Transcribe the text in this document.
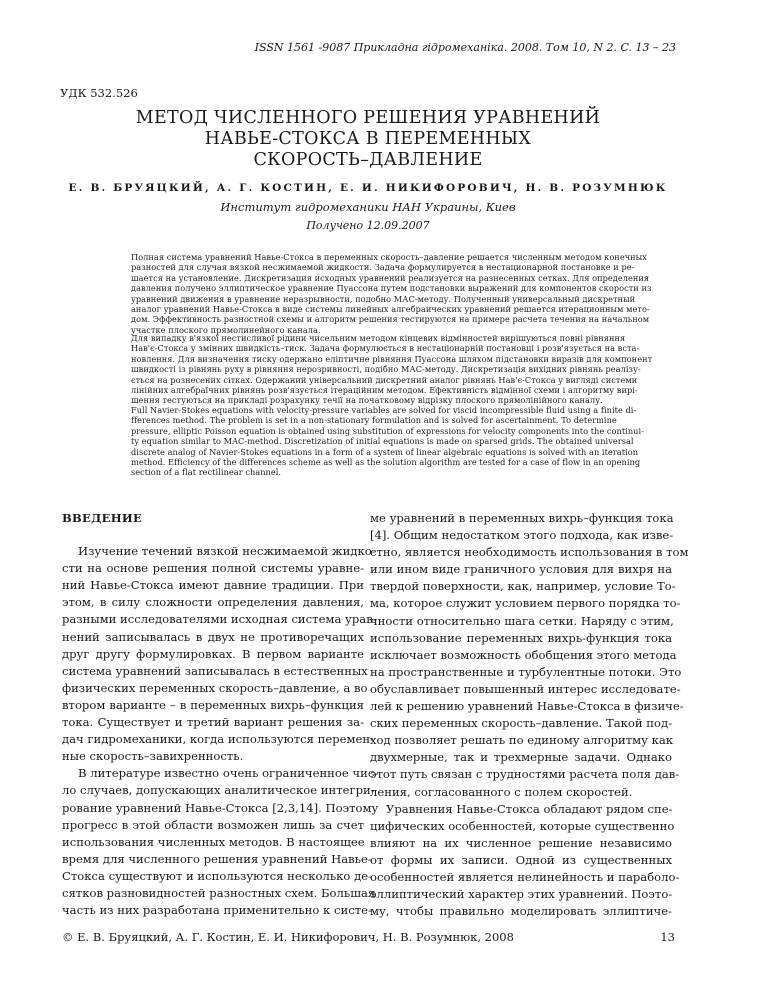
ISSN 1561 -9087 Прикладна гідромеханіка. 2008. Том 10, N 2. C. 13 – 23
УДК 532.526
МЕТОД ЧИСЛЕННОГО РЕШЕНИЯ УРАВНЕНИЙ
НАВЬЕ-СТОКСА В ПЕРЕМЕННЫХ
СКОРОСТЬ–ДАВЛЕНИЕ
Е. В. БРУЯЦКИЙ, А. Г. КОСТИН, Е. И. НИКИФОРОВИЧ, Н. В. РОЗУМНЮК
Институт гидромеханики НАН Украины, Киев
Получено 12.09.2007
Полная система уравнений Навье-Стокса в переменных скорость–давление решается численным методом конечных
разностей для случая вязкой несжимаемой жидкости. Задача формулируется в нестационарной постановке и ре-
шается на установление. Дискретизация исходных уравнений реализуется на разнесенных сетках. Для определения
давления получено эллиптическое уравнение Пуассона путем подстановки выражений для компонентов скорости из
уравнений движения в уравнение неразрывности, подобно МАС-методу. Полученный универсальный дискретный
аналог уравнений Навье-Стокса в виде системы линейных алгебраических уравнений решается итерационным мето-
дом. Эффективность разностной схемы и алгоритм решения тестируются на примере расчета течения на начальном
участке плоского прямолинейного канала.
Для випадку в'язкої нестисливої рідини чисельним методом кінцевих відмінностей вирішуються повні рівняння
Нав'є-Стокса у змінних швидкість–тиск. Задача формулюється в нестаціонарній постановці і розв'язується на вста-
новлення. Для визначення тиску одержано еліптичне рівняння Пуассона шляхом підстановки виразів для компонент
швидкості із рівнянь руху в рівняння нерозривності, подібно МАС-методу. Дискретизація вихідних рівнянь реалізу-
ється на рознесених сітках. Одержаний універсальний дискретний аналог рівнянь Нав'є-Стокса у вигляді системи
лінійних алгебраїчних рівнянь розв'язується ітераційним методом. Ефективність відмінної схеми і алгоритму вирі-
шення тестуються на прикладі розрахунку течії на початковому відрізку плоского прямолінійного каналу.
Full Navier-Stokes equations with velocity-pressure variables are solved for viscid incompressible fluid using a finite di-
fferences method. The problem is set in a non-stationary formulation and is solved for ascertainment. To determine
pressure, elliptic Poisson equation is obtained using substitution of expressions for velocity components into the continui-
ty equation similar to MAC-method. Discretization of initial equations is made on sparsed grids. The obtained universal
discrete analog of Navier-Stokes equations in a form of a system of linear algebraic equations is solved with an iteration
method. Efficiency of the differences scheme as well as the solution algorithm are tested for a case of flow in an opening
section of a flat rectilinear channel.
ВВЕДЕНИЕ
Изучение течений вязкой несжимаемой жидко-
сти на основе решения полной системы уравне-
ний Навье-Стокса имеют давние традиции. При
этом, в силу сложности определения давления,
разными исследователями исходная система урав-
нений записывалась в двух не противоречащих
друг другу формулировках. В первом варианте
система уравнений записывалась в естественных
физических переменных скорость–давление, а во
втором варианте – в переменных вихрь–функция
тока. Существует и третий вариант решения за-
дач гидромеханики, когда используются перемен-
ные скорость–завихренность.
В литературе известно очень ограниченное чис-
ло случаев, допускающих аналитическое интегри-
рование уравнений Навье-Стокса [2,3,14]. Поэтому
прогресс в этой области возможен лишь за счет
использования численных методов. В настоящее
время для численного решения уравнений Навье-
Стокса существуют и используются несколько де-
сятков разновидностей разностных схем. Большая
часть из них разработана применительно к систе-
ме уравнений в переменных вихрь–функция тока
[4]. Общим недостатком этого подхода, как изве-
стно, является необходимость использования в том
или ином виде граничного условия для вихря на
твердой поверхности, как, например, условие То-
ма, которое служит условием первого порядка то-
чности относительно шага сетки. Наряду с этим,
использование переменных вихрь-функция тока
исключает возможность обобщения этого метода
на пространственные и турбулентные потоки. Это
обуславливает повышенный интерес исследовате-
лей к решению уравнений Навье-Стокса в физиче-
ских переменных скорость–давление. Такой под-
ход позволяет решать по единому алгоритму как
двухмерные, так и трехмерные задачи. Однако
этот путь связан с трудностями расчета поля дав-
ления, согласованного с полем скоростей.
Уравнения Навье-Стокса обладают рядом спе-
цифических особенностей, которые существенно
влияют на их численное решение независимо
от формы их записи. Одной из существенных
особенностей является нелинейность и параболо-
эллиптический характер этих уравнений. Поэто-
му, чтобы правильно моделировать эллиптиче-
© Е. В. Бруяцкий, А. Г. Костин, Е. И. Никифорович, Н. В. Розумнюк, 2008	13
